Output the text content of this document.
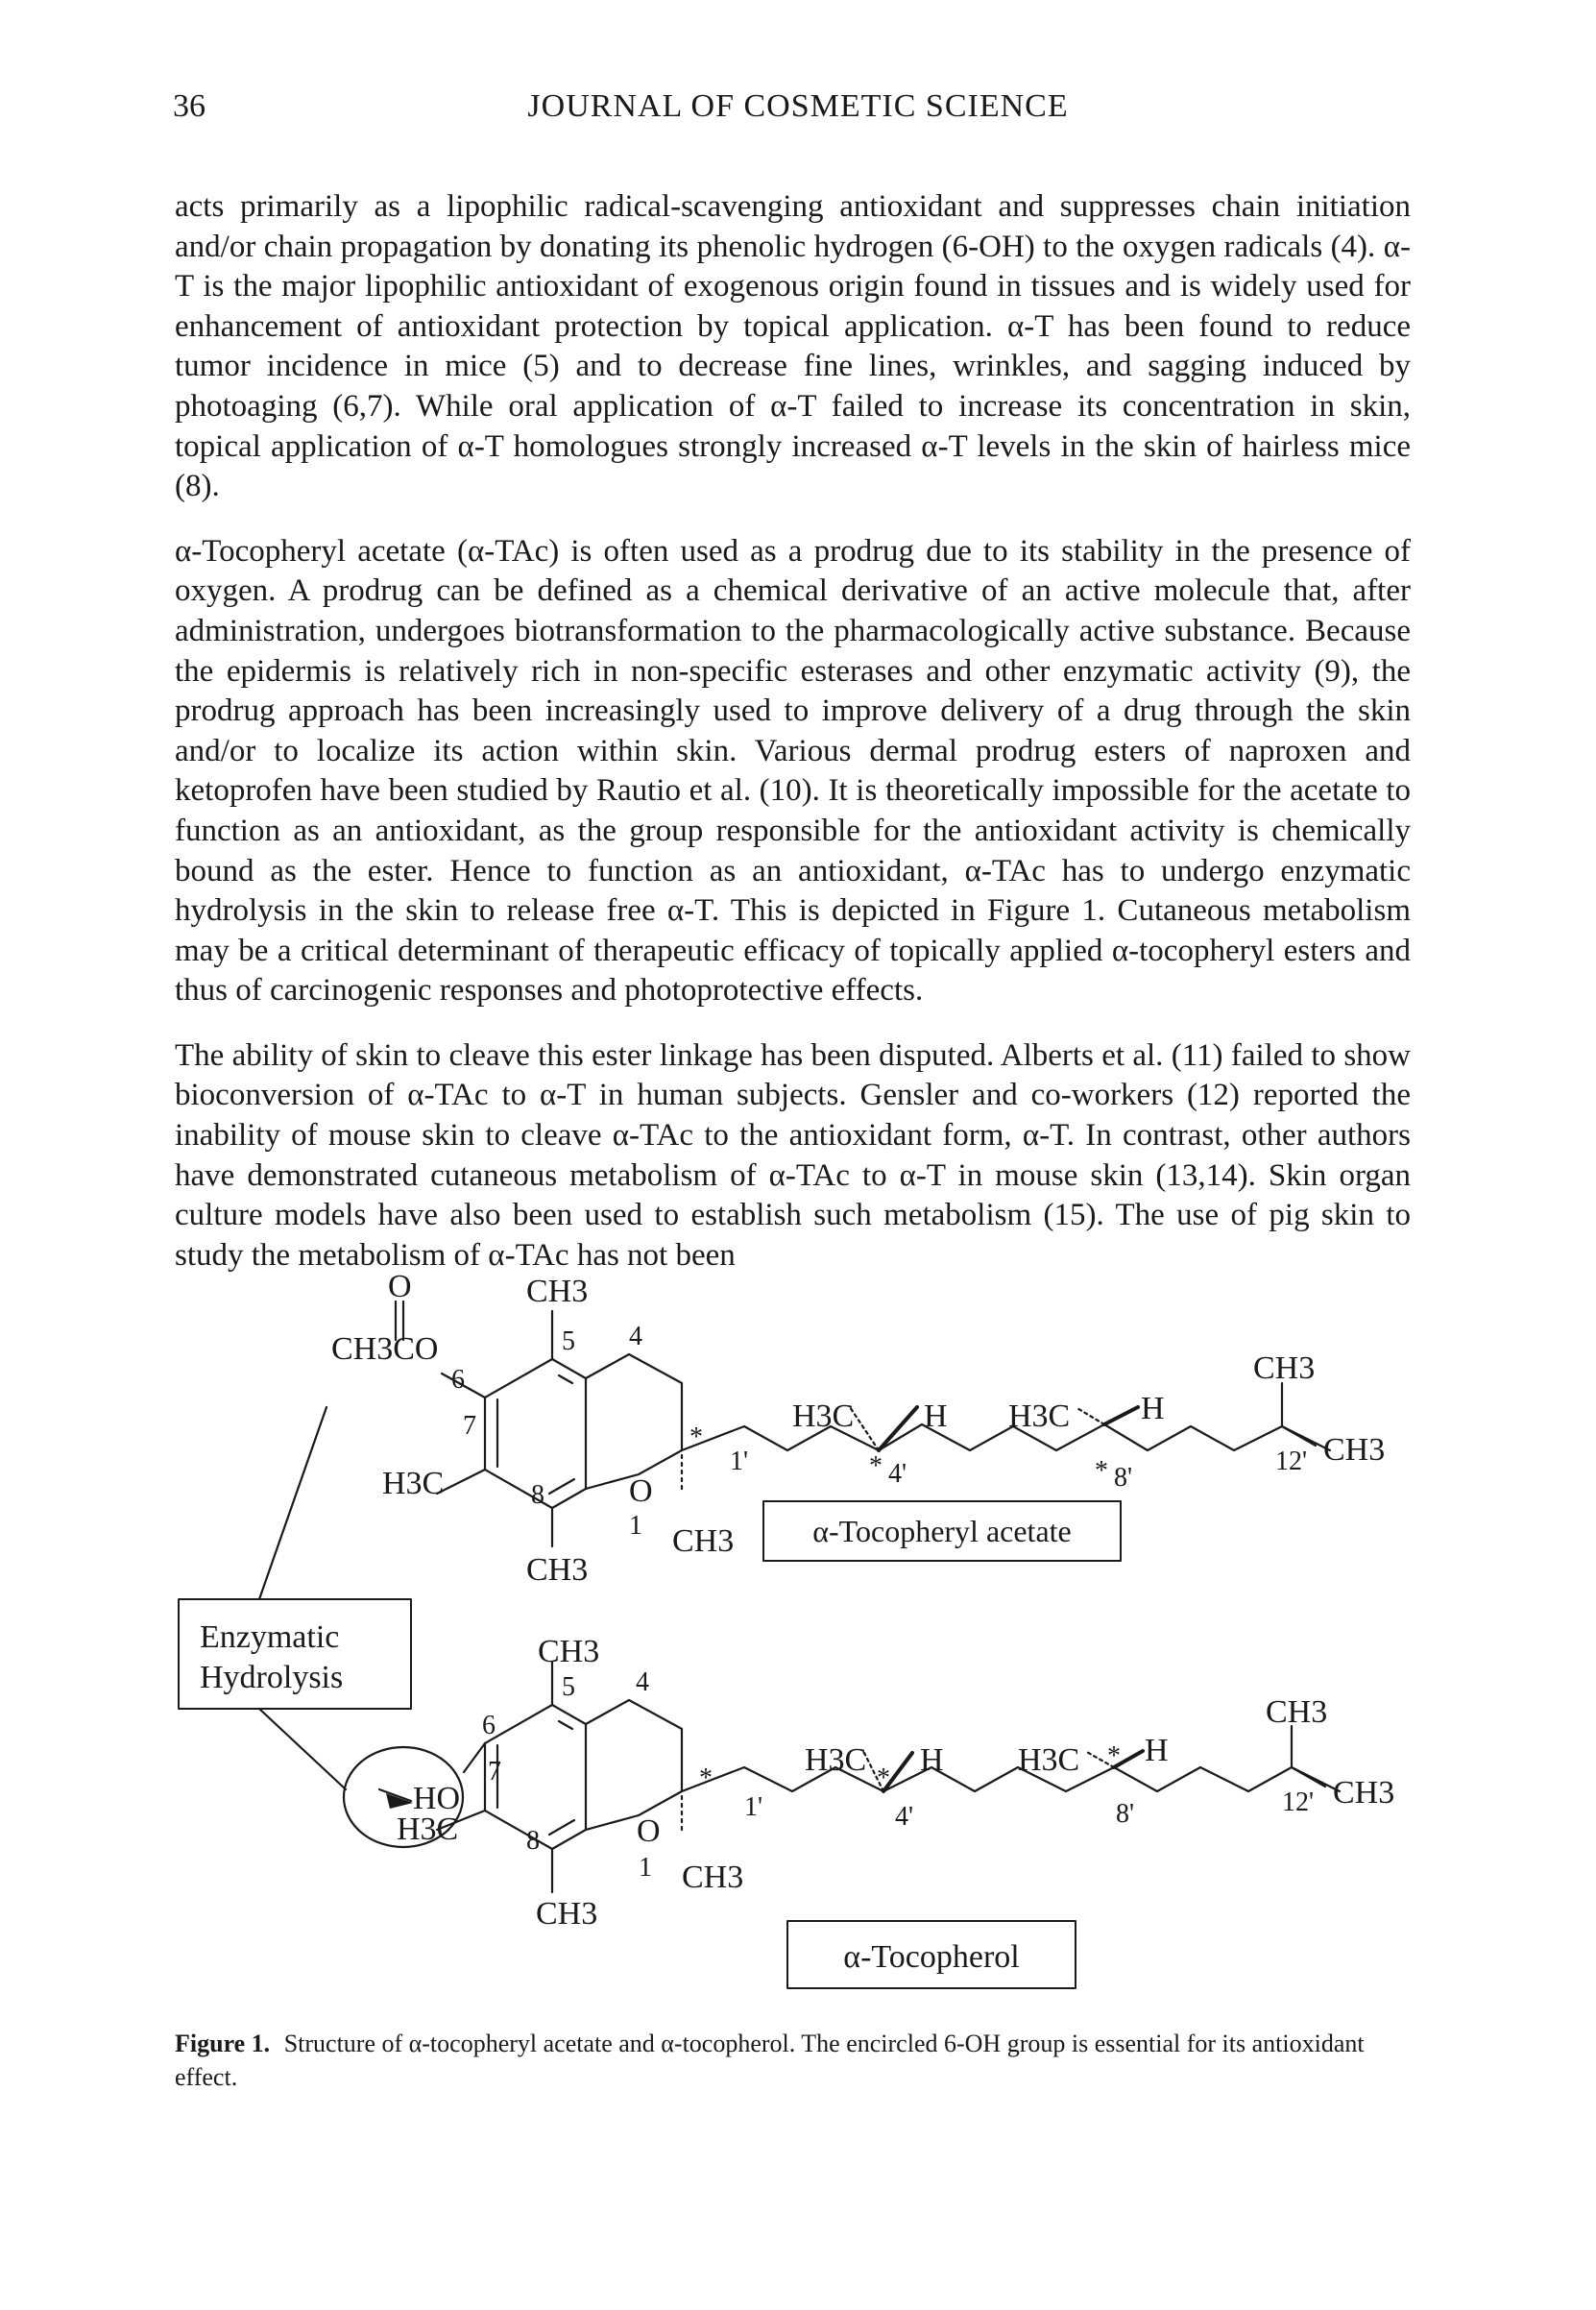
36	JOURNAL OF COSMETIC SCIENCE

acts primarily as a lipophilic radical-scavenging antioxidant and suppresses chain initiation and/or chain propagation by donating its phenolic hydrogen (6-OH) to the oxygen radicals (4). α-T is the major lipophilic antioxidant of exogenous origin found in tissues and is widely used for enhancement of antioxidant protection by topical application. α-T has been found to reduce tumor incidence in mice (5) and to decrease fine lines, wrinkles, and sagging induced by photoaging (6,7). While oral application of α-T failed to increase its concentration in skin, topical application of α-T homologues strongly increased α-T levels in the skin of hairless mice (8).

α-Tocopheryl acetate (α-TAc) is often used as a prodrug due to its stability in the presence of oxygen. A prodrug can be defined as a chemical derivative of an active molecule that, after administration, undergoes biotransformation to the pharmacologically active substance. Because the epidermis is relatively rich in non-specific esterases and other enzymatic activity (9), the prodrug approach has been increasingly used to improve delivery of a drug through the skin and/or to localize its action within skin. Various dermal prodrug esters of naproxen and ketoprofen have been studied by Rautio et al. (10). It is theoretically impossible for the acetate to function as an antioxidant, as the group responsible for the antioxidant activity is chemically bound as the ester. Hence to function as an antioxidant, α-TAc has to undergo enzymatic hydrolysis in the skin to release free α-T. This is depicted in Figure 1. Cutaneous metabolism may be a critical determinant of therapeutic efficacy of topically applied α-tocopheryl esters and thus of carcinogenic responses and photoprotective effects.

The ability of skin to cleave this ester linkage has been disputed. Alberts et al. (11) failed to show bioconversion of α-TAc to α-T in human subjects. Gensler and co-workers (12) reported the inability of mouse skin to cleave α-TAc to the antioxidant form, α-T. In contrast, other authors have demonstrated cutaneous metabolism of α-TAc to α-T in mouse skin (13,14). Skin organ culture models have also been used to establish such metabolism (15). The use of pig skin to study the metabolism of α-TAc has not been

O
CH3CO
CH3
H3C
CH3
CH3
O
H3C H H3C H
CH3
CH3
6
5 4
7
8
1
1'	4'	8'
12'
*
*	*
α-Tocopheryl acetate
Enzymatic
Hydrolysis
HO
CH3
H3C
CH3
CH3
O
H3C H H3C H
CH3
CH3
6
5 4
7
8
1
1'	4'	8'	12'
*	*
*
α-Tocopherol
Figure 1. Structure of α-tocopheryl acetate and α-tocopherol. The encircled 6-OH group is essential for its antioxidant effect.
